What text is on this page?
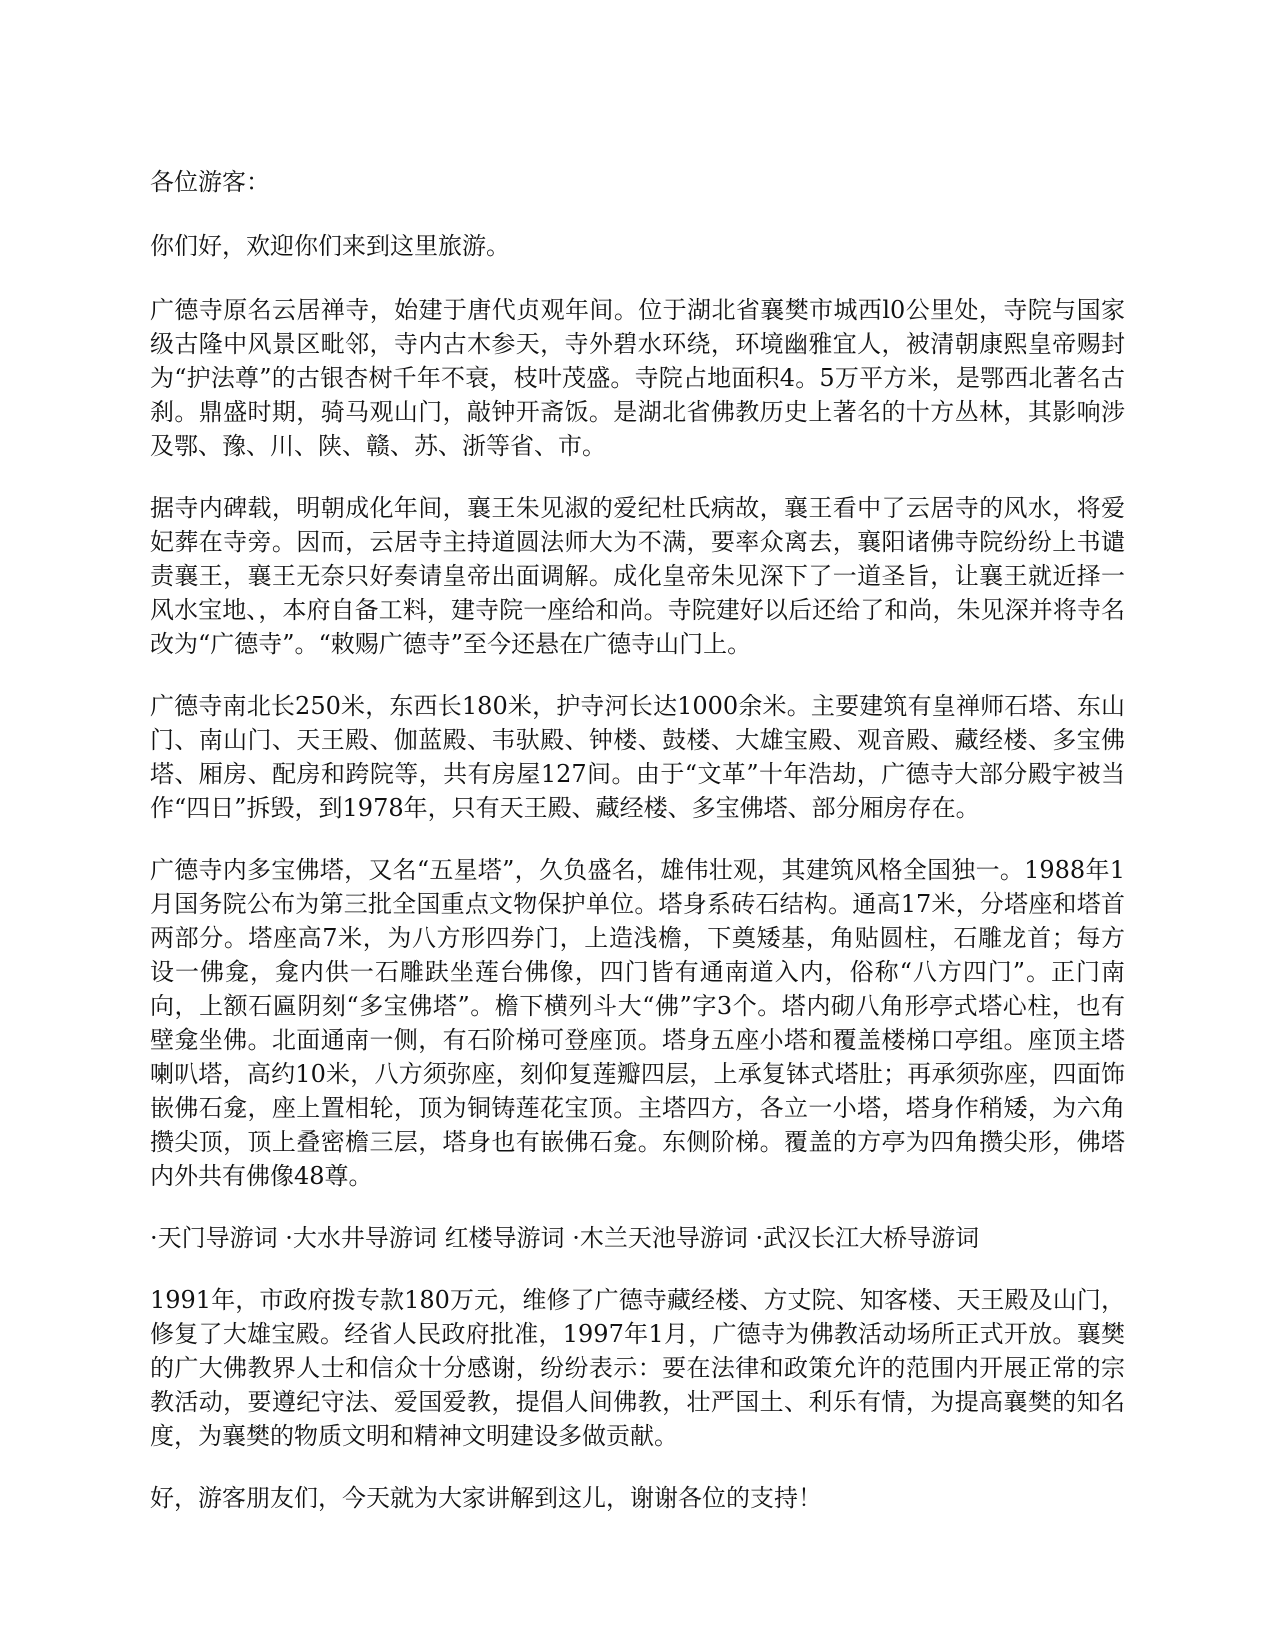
各位游客：

你们好，欢迎你们来到这里旅游。

广德寺原名云居禅寺，始建于唐代贞观年间。位于湖北省襄樊市城西l0公里处，寺院与国家级古隆中风景区毗邻，寺内古木参天，寺外碧水环绕，环境幽雅宜人，被清朝康熙皇帝赐封为“护法尊”的古银杏树千年不衰，枝叶茂盛。寺院占地面积4。5万平方米，是鄂西北著名古刹。鼎盛时期，骑马观山门，敲钟开斋饭。是湖北省佛教历史上著名的十方丛林，其影响涉及鄂、豫、川、陕、赣、苏、浙等省、市。

据寺内碑载，明朝成化年间，襄王朱见淑的爱纪杜氏病故，襄王看中了云居寺的风水，将爱妃葬在寺旁。因而，云居寺主持道圆法师大为不满，要率众离去，襄阳诸佛寺院纷纷上书谴责襄王，襄王无奈只好奏请皇帝出面调解。成化皇帝朱见深下了一道圣旨，让襄王就近择一风水宝地、，本府自备工料，建寺院一座给和尚。寺院建好以后还给了和尚，朱见深并将寺名改为“广德寺”。“敕赐广德寺”至今还悬在广德寺山门上。

广德寺南北长250米，东西长180米，护寺河长达1000余米。主要建筑有皇禅师石塔、东山门、南山门、天王殿、伽蓝殿、韦驮殿、钟楼、鼓楼、大雄宝殿、观音殿、藏经楼、多宝佛塔、厢房、配房和跨院等，共有房屋127间。由于“文革”十年浩劫，广德寺大部分殿宇被当作“四日”拆毁，到1978年，只有天王殿、藏经楼、多宝佛塔、部分厢房存在。

广德寺内多宝佛塔，又名“五星塔”，久负盛名，雄伟壮观，其建筑风格全国独一。1988年1月国务院公布为第三批全国重点文物保护单位。塔身系砖石结构。通高17米，分塔座和塔首两部分。塔座高7米，为八方形四券门，上造浅檐，下奠矮基，角贴圆柱，石雕龙首；每方设一佛龛，龛内供一石雕趺坐莲台佛像，四门皆有通南道入内，俗称“八方四门”。正门南向，上额石匾阴刻“多宝佛塔”。檐下横列斗大“佛”字3个。塔内砌八角形亭式塔心柱，也有壁龛坐佛。北面通南一侧，有石阶梯可登座顶。塔身五座小塔和覆盖楼梯口亭组。座顶主塔喇叭塔，高约10米，八方须弥座，刻仰复莲瓣四层，上承复钵式塔肚；再承须弥座，四面饰嵌佛石龛，座上置相轮，顶为铜铸莲花宝顶。主塔四方，各立一小塔，塔身作稍矮，为六角攒尖顶，顶上叠密檐三层，塔身也有嵌佛石龛。东侧阶梯。覆盖的方亭为四角攒尖形，佛塔内外共有佛像48尊。

·天门导游词 ·大水井导游词 红楼导游词 ·木兰天池导游词 ·武汉长江大桥导游词

1991年，市政府拨专款180万元，维修了广德寺藏经楼、方丈院、知客楼、天王殿及山门，修复了大雄宝殿。经省人民政府批准，1997年1月，广德寺为佛教活动场所正式开放。襄樊的广大佛教界人士和信众十分感谢，纷纷表示：要在法律和政策允许的范围内开展正常的宗教活动，要遵纪守法、爱国爱教，提倡人间佛教，壮严国土、利乐有情，为提高襄樊的知名度，为襄樊的物质文明和精神文明建设多做贡献。

好，游客朋友们，今天就为大家讲解到这儿，谢谢各位的支持！
